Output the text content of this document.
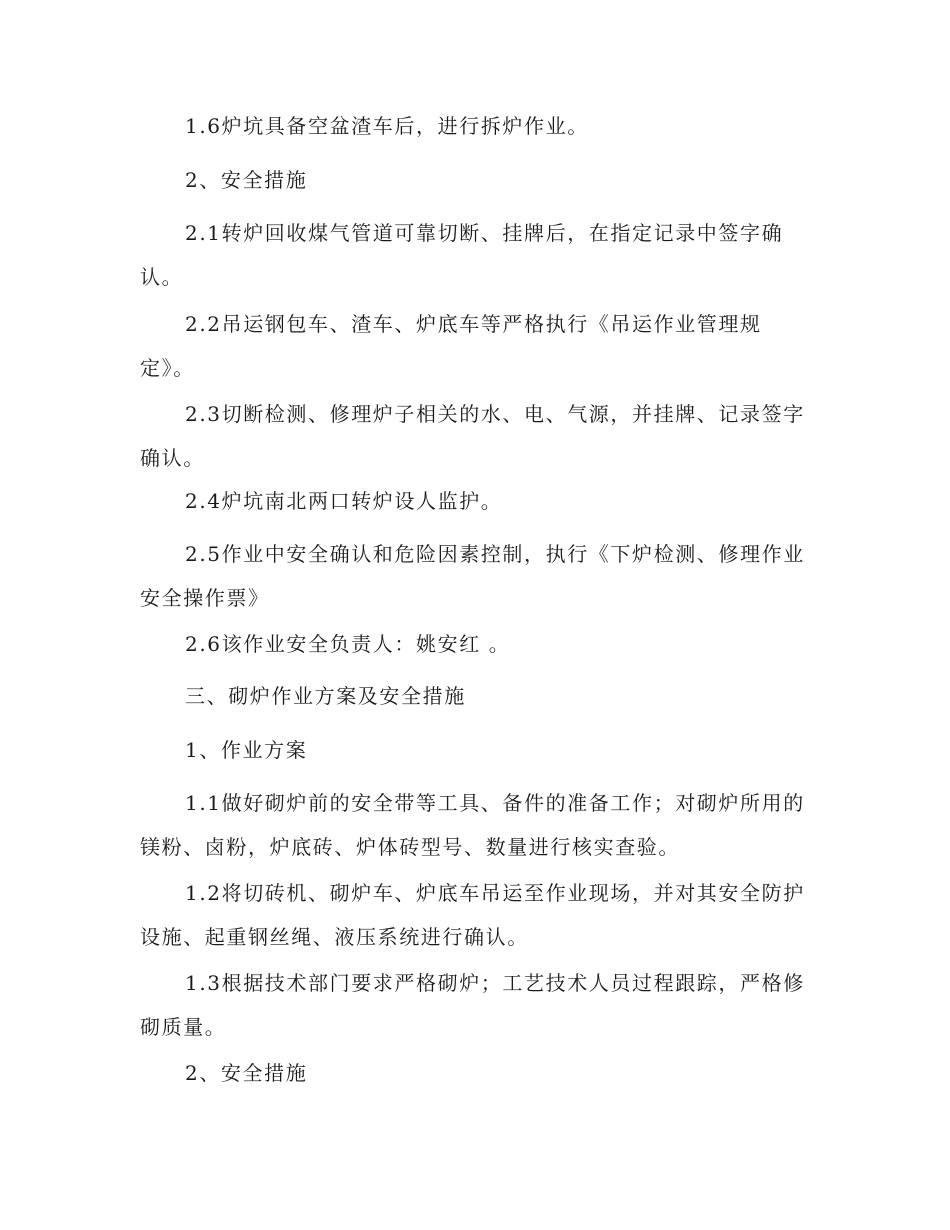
1.6炉坑具备空盆渣车后，进行拆炉作业。

2、安全措施

2.1转炉回收煤气管道可靠切断、挂牌后，在指定记录中签字确认。

2.2吊运钢包车、渣车、炉底车等严格执行《吊运作业管理规定》。

2.3切断检测、修理炉子相关的水、电、气源，并挂牌、记录签字确认。

2.4炉坑南北两口转炉设人监护。

2.5作业中安全确认和危险因素控制，执行《下炉检测、修理作业安全操作票》

2.6该作业安全负责人：姚安红 。

三、砌炉作业方案及安全措施

1、作业方案

1.1做好砌炉前的安全带等工具、备件的准备工作；对砌炉所用的镁粉、卤粉，炉底砖、炉体砖型号、数量进行核实查验。

1.2将切砖机、砌炉车、炉底车吊运至作业现场，并对其安全防护设施、起重钢丝绳、液压系统进行确认。

1.3根据技术部门要求严格砌炉；工艺技术人员过程跟踪，严格修砌质量。

2、安全措施
